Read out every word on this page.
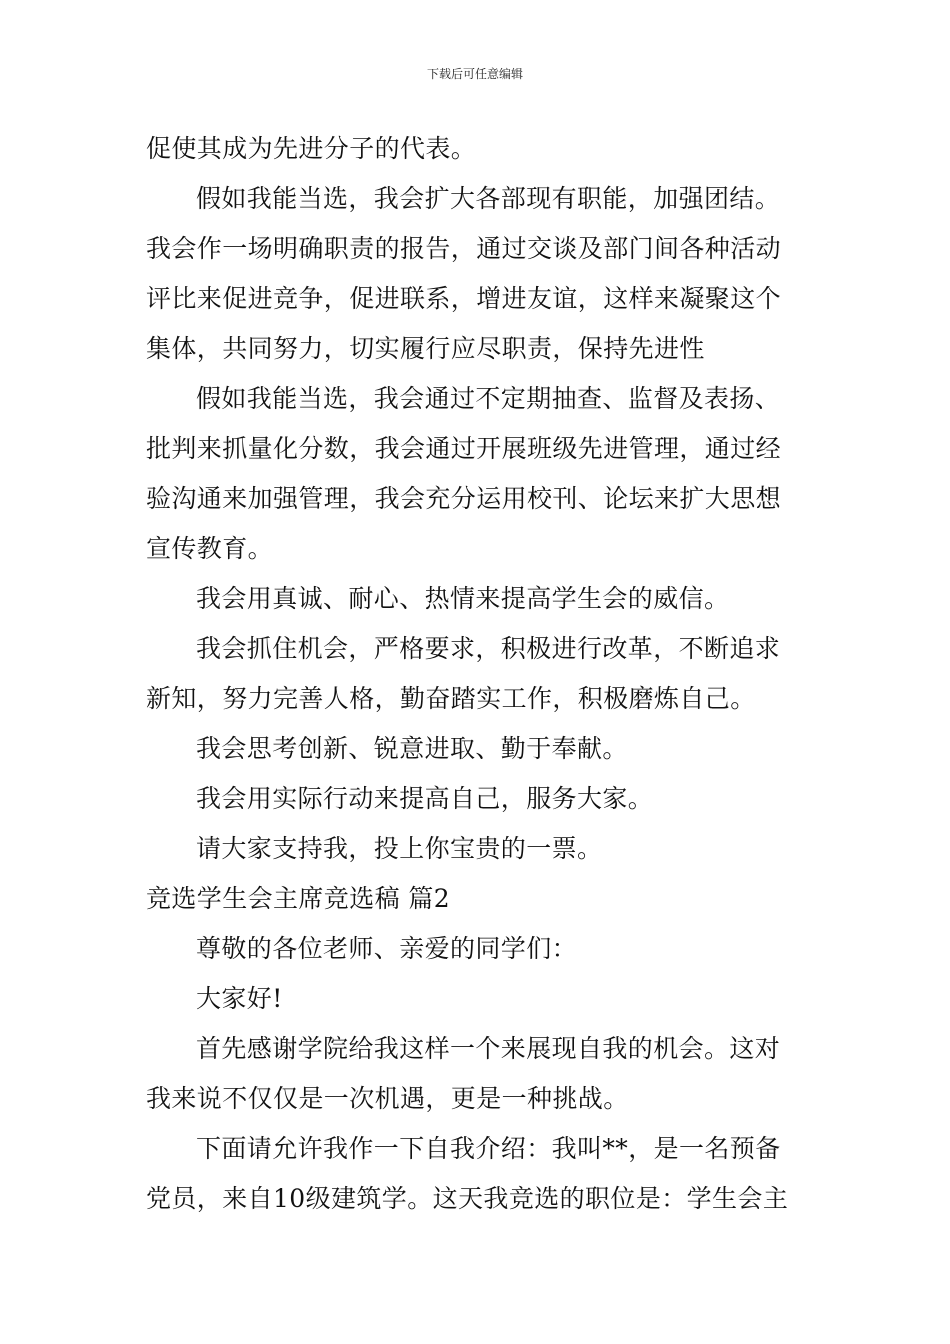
下载后可任意编辑
促使其成为先进分子的代表。
假如我能当选，我会扩大各部现有职能，加强团结。
我会作一场明确职责的报告，通过交谈及部门间各种活动
评比来促进竞争，促进联系，增进友谊，这样来凝聚这个
集体，共同努力，切实履行应尽职责，保持先进性
假如我能当选，我会通过不定期抽查、监督及表扬、
批判来抓量化分数，我会通过开展班级先进管理，通过经
验沟通来加强管理，我会充分运用校刊、论坛来扩大思想
宣传教育。
我会用真诚、耐心、热情来提高学生会的威信。
我会抓住机会，严格要求，积极进行改革，不断追求
新知，努力完善人格，勤奋踏实工作，积极磨炼自己。
我会思考创新、锐意进取、勤于奉献。
我会用实际行动来提高自己，服务大家。
请大家支持我，投上你宝贵的一票。
竞选学生会主席竞选稿 篇2
尊敬的各位老师、亲爱的同学们：
大家好!
首先感谢学院给我这样一个来展现自我的机会。这对
我来说不仅仅是一次机遇，更是一种挑战。
下面请允许我作一下自我介绍：我叫**，是一名预备
党员，来自10级建筑学。这天我竞选的职位是：学生会主
